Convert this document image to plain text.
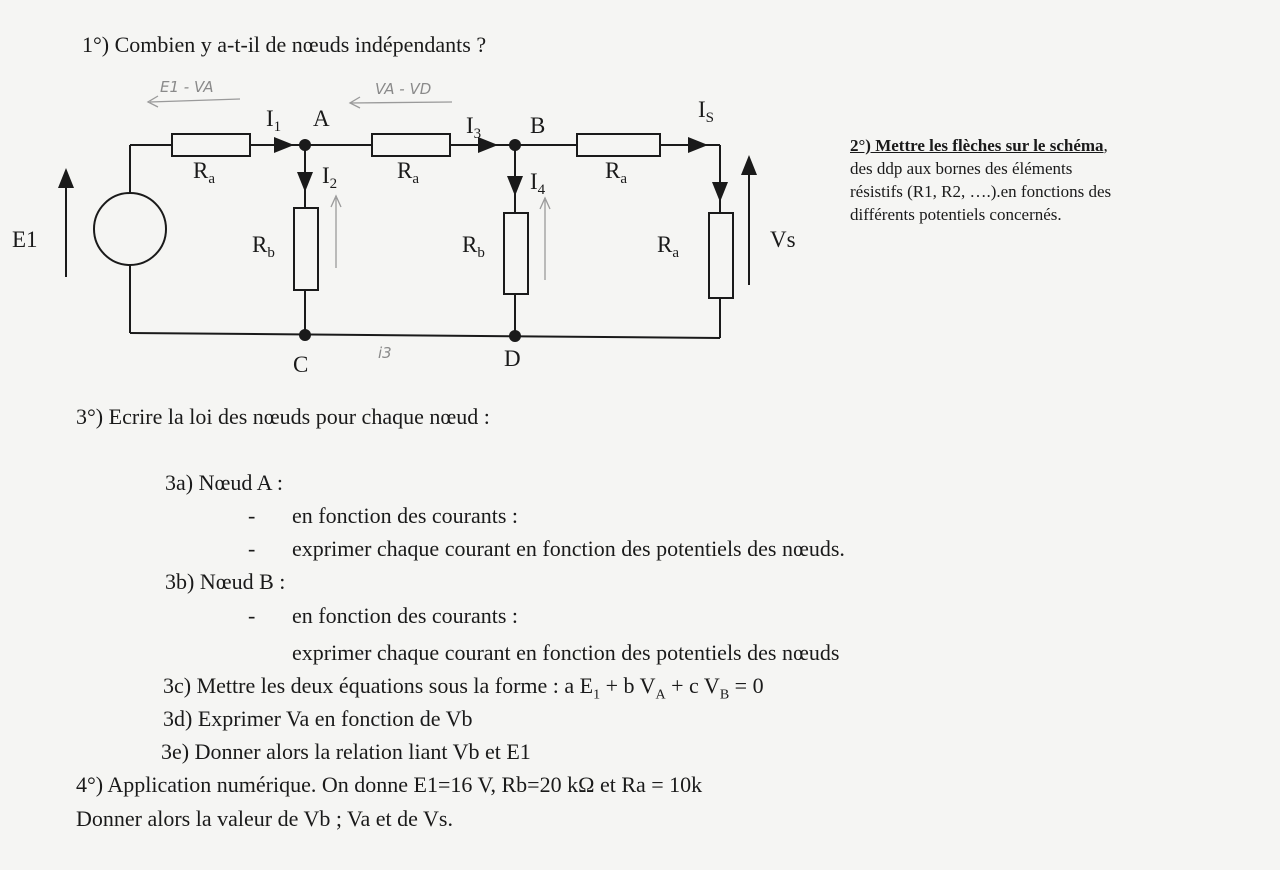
1°) Combien y a-t-il de nœuds indépendants ?
E1 - VA	VA - VD
i3
E1	Vs
A	B
C	D
$I_1$
$I_2$
$I_3$
$I_4$
$I_S$
$R_a$	$R_a$	$R_a$
$R_a$
$R_b$	$R_b$
2°) Mettre les flèches sur le schéma,
des ddp aux bornes des éléments
résistifs (R1, R2, ….).en fonctions des
différents potentiels concernés.
3°) Ecrire la loi des nœuds pour chaque nœud :
3a) Nœud A :
- en fonction des courants :
- exprimer chaque courant en fonction des potentiels des nœuds.
3b) Nœud B :
- en fonction des courants :
exprimer chaque courant en fonction des potentiels des nœuds
3c) Mettre les deux équations sous la forme : a $E_1 + b$ $V_A + c$ $V_B = 0$
3d) Exprimer Va en fonction de Vb
3e) Donner alors la relation liant Vb et E1
4°) Application numérique. On donne E1=16 V, Rb=20 kΩ et Ra = 10k
Donner alors la valeur de Vb ; Va et de Vs.
